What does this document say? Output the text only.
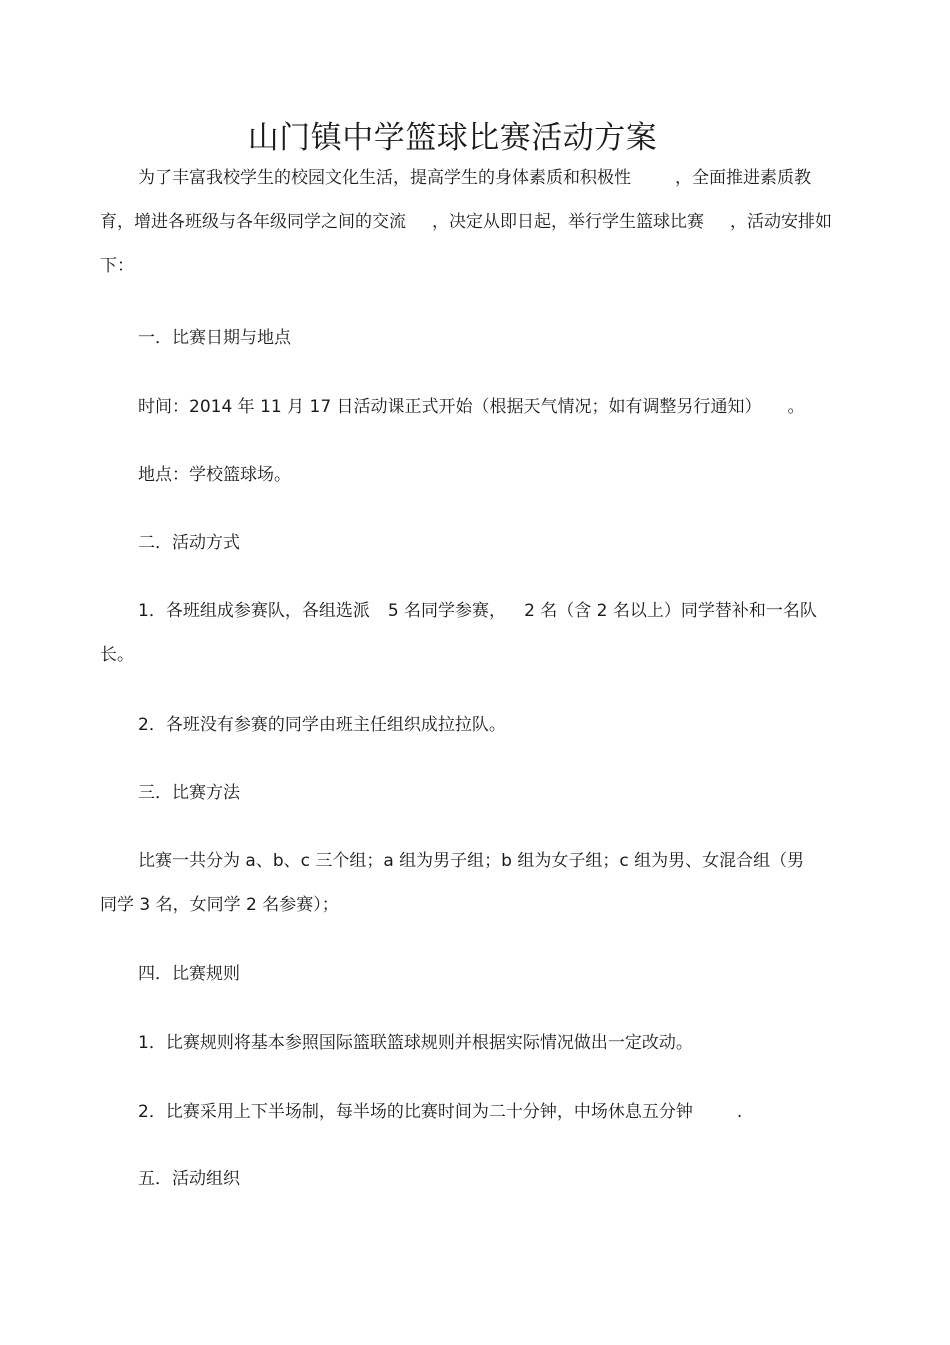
山门镇中学篮球比赛活动方案
为了丰富我校学生的校园文化生活，提高学生的身体素质和积极性	，全面推进素质教
育，增进各班级与各年级同学之间的交流 ，决定从即日起，举行学生篮球比赛 ，活动安排如
下：
一．比赛日期与地点
时间：2014 年 11 月 17 日活动课正式开始（根据天气情况；如有调整另行通知） 。
地点：学校篮球场。
二．活动方式
1．各班组成参赛队，各组选派 5 名同学参赛， 2 名（含 2 名以上）同学替补和一名队
长。
2．各班没有参赛的同学由班主任组织成拉拉队。
三．比赛方法
比赛一共分为 a、b、c 三个组；a 组为男子组；b 组为女子组；c 组为男、女混合组（男
同学 3 名，女同学 2 名参赛）；
四．比赛规则
1．比赛规则将基本参照国际篮联篮球规则并根据实际情况做出一定改动。
2．比赛采用上下半场制，每半场的比赛时间为二十分钟，中场休息五分钟	.
五．活动组织
